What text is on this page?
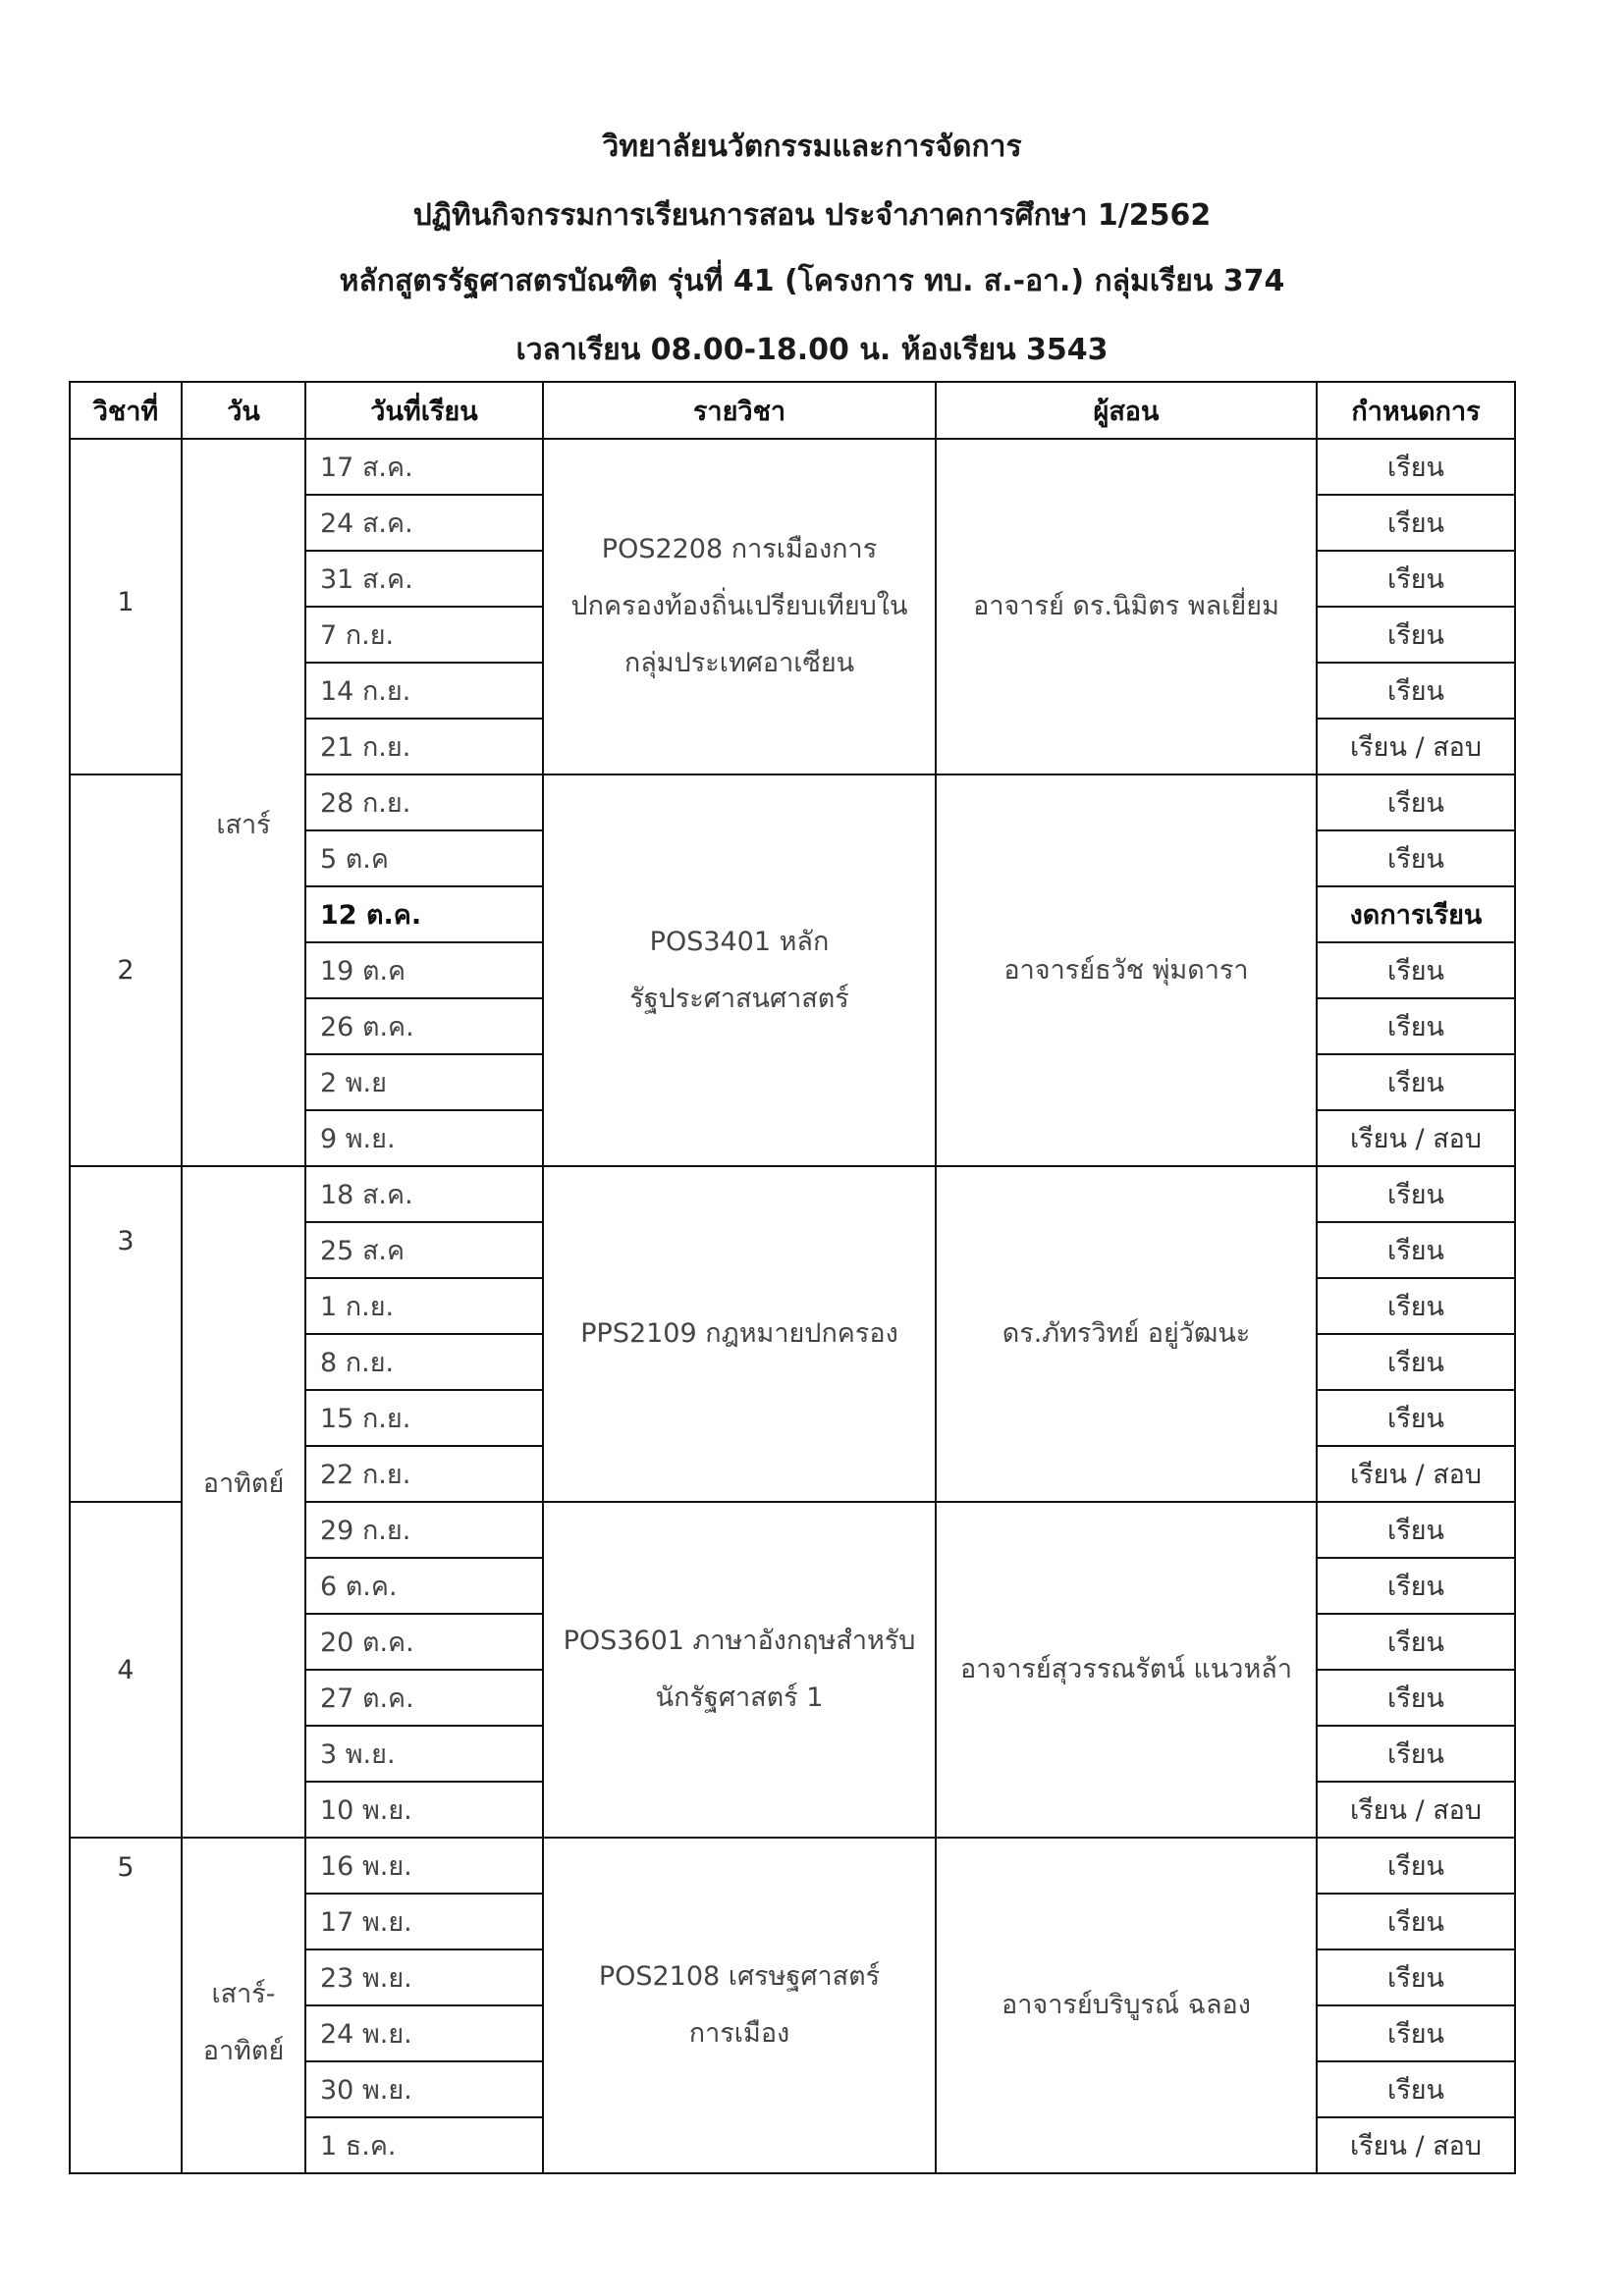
วิทยาลัยนวัตกรรมและการจัดการ
ปฏิทินกิจกรรมการเรียนการสอน ประจำภาคการศึกษา 1/2562
หลักสูตรรัฐศาสตรบัณฑิต รุ่นที่ 41 (โครงการ ทบ. ส.-อา.) กลุ่มเรียน 374
เวลาเรียน 08.00-18.00 น. ห้องเรียน 3543
วิชาที่	วัน	วันที่เรียน	รายวิชา	ผู้สอน	กำหนดการ
1	เสาร์	17 ส.ค.	POS2208 การเมืองการปกครองท้องถิ่นเปรียบเทียบในกลุ่มประเทศอาเซียน	อาจารย์ ดร.นิมิตร พลเยี่ยม	เรียน
		24 ส.ค.			เรียน
		31 ส.ค.			เรียน
		7 ก.ย.			เรียน
		14 ก.ย.			เรียน
		21 ก.ย.			เรียน / สอบ
2		28 ก.ย.	POS3401 หลักรัฐประศาสนศาสตร์	อาจารย์ธวัช พุ่มดารา	เรียน
		5 ต.ค			เรียน
		12 ต.ค.			งดการเรียน
		19 ต.ค			เรียน
		26 ต.ค.			เรียน
		2 พ.ย			เรียน
		9 พ.ย.			เรียน / สอบ
3	อาทิตย์	18 ส.ค.	PPS2109 กฎหมายปกครอง	ดร.ภัทรวิทย์ อยู่วัฒนะ	เรียน
		25 ส.ค			เรียน
		1 ก.ย.			เรียน
		8 ก.ย.			เรียน
		15 ก.ย.			เรียน
		22 ก.ย.			เรียน / สอบ
4		29 ก.ย.	POS3601 ภาษาอังกฤษสำหรับนักรัฐศาสตร์ 1	อาจารย์สุวรรณรัตน์ แนวหล้า	เรียน
		6 ต.ค.			เรียน
		20 ต.ค.			เรียน
		27 ต.ค.			เรียน
		3 พ.ย.			เรียน
		10 พ.ย.			เรียน / สอบ
5	เสาร์-
อาทิตย์	16 พ.ย.	POS2108 เศรษฐศาสตร์การเมือง	อาจารย์บริบูรณ์ ฉลอง	เรียน
		17 พ.ย.			เรียน
		23 พ.ย.			เรียน
		24 พ.ย.			เรียน
		30 พ.ย.			เรียน
		1 ธ.ค.			เรียน / สอบ
